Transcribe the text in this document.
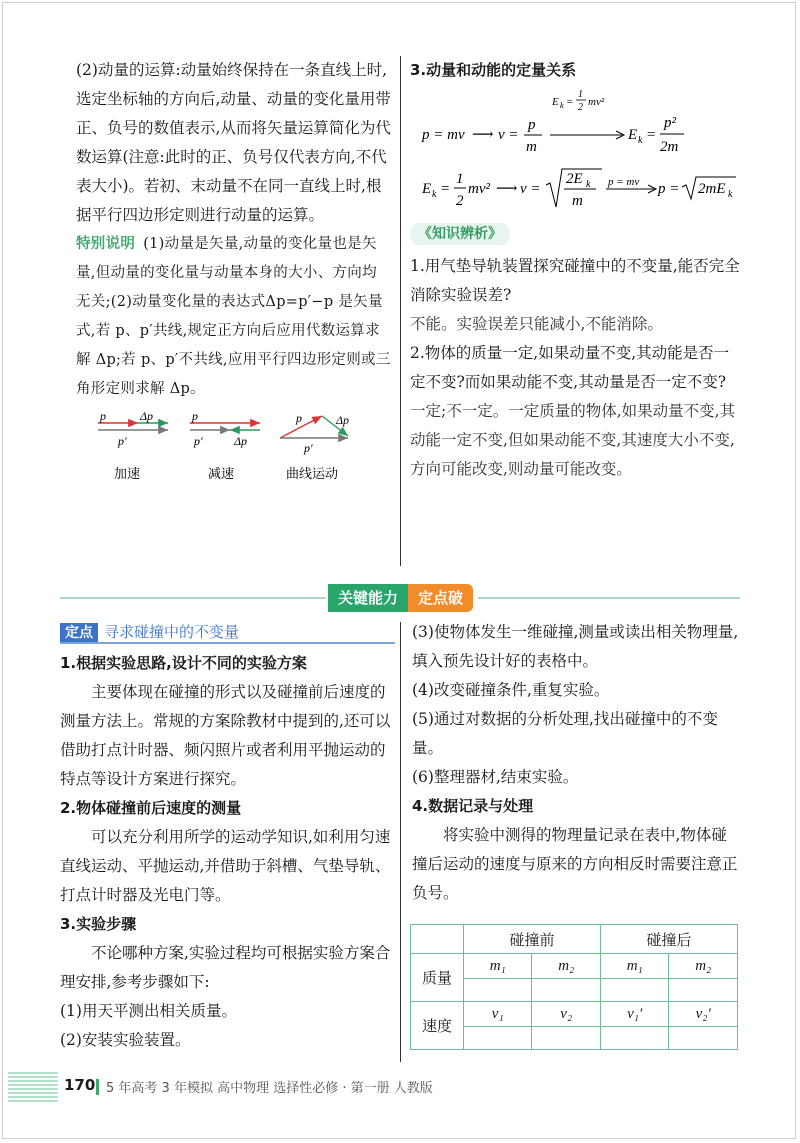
(2)动量的运算:动量始终保持在一条直线上时,选定坐标轴的方向后,动量、动量的变化量用带正、负号的数值表示,从而将矢量运算简化为代数运算(注意:此时的正、负号仅代表方向,不代表大小)。若初、末动量不在同一直线上时,根据平行四边形定则进行动量的运算。

特别说明 (1)动量是矢量,动量的变化量也是矢量,但动量的变化量与动量本身的大小、方向均无关;(2)动量变化量的表达式Δp=p′−p 是矢量式,若 p、p′共线,规定正方向后应用代数运算求解 Δp;若 p、p′不共线,应用平行四边形定则或三角形定则求解 Δp。

p	Δp
p′
p
p′	Δp
p	Δp
p′
加速	减速	曲线运动

3.动量和动能的定量关系

p = mv ⟶ v =
p
m
E k =
1
2 mv²
E k =
p²
2m
E k =
1
2
mv² ⟶ v =
2E k
m
p = mv p = 2mE k

《知识辨析》

1.用气垫导轨装置探究碰撞中的不变量,能否完全消除实验误差?

不能。实验误差只能减小,不能消除。

2.物体的质量一定,如果动量不变,其动能是否一定不变?而如果动能不变,其动量是否一定不变?

一定;不一定。一定质量的物体,如果动量不变,其动能一定不变,但如果动能不变,其速度大小不变,方向可能改变,则动量可能改变。

关键能力	定点破

定点 寻求碰撞中的不变量

1.根据实验思路,设计不同的实验方案

主要体现在碰撞的形式以及碰撞前后速度的测量方法上。常规的方案除教材中提到的,还可以借助打点计时器、频闪照片或者利用平抛运动的特点等设计方案进行探究。

2.物体碰撞前后速度的测量

可以充分利用所学的运动学知识,如利用匀速直线运动、平抛运动,并借助于斜槽、气垫导轨、打点计时器及光电门等。

3.实验步骤

不论哪种方案,实验过程均可根据实验方案合理安排,参考步骤如下:

(1)用天平测出相关质量。

(2)安装实验装置。

(3)使物体发生一维碰撞,测量或读出相关物理量,填入预先设计好的表格中。

(4)改变碰撞条件,重复实验。

(5)通过对数据的分析处理,找出碰撞中的不变量。

(6)整理器材,结束实验。

4.数据记录与处理

将实验中测得的物理量记录在表中,物体碰撞后运动的速度与原来的方向相反时需要注意正负号。

	碰撞前		碰撞后	
质量	m₁	m₂	m₁	m₂

速度	v₁	v₂	v₁′	v₂′

170 5 年高考 3 年模拟 高中物理 选择性必修 · 第一册 人教版
